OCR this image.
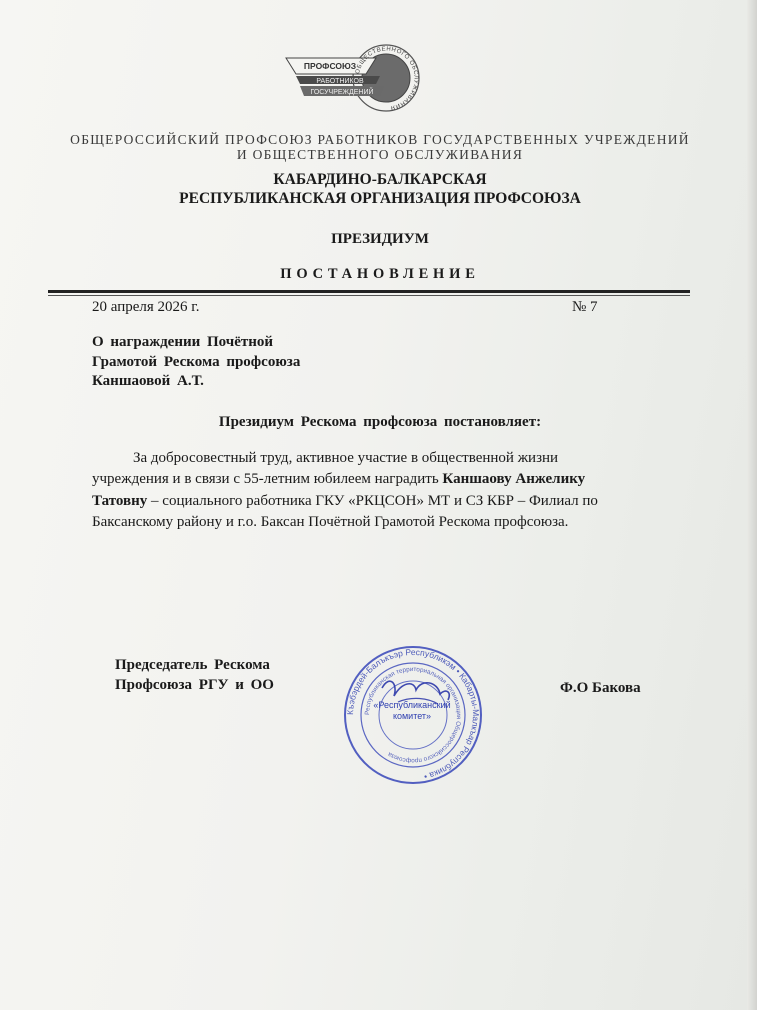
ПРОФСОЮЗ
РАБОТНИКОВ
ГОСУЧРЕЖДЕНИЙ
ОБЩЕСТВЕННОГО ОБСЛУЖИВАНИЯ
ОБЩЕРОССИЙСКИЙ ПРОФСОЮЗ РАБОТНИКОВ ГОСУДАРСТВЕННЫХ УЧРЕЖДЕНИЙ
И ОБЩЕСТВЕННОГО ОБСЛУЖИВАНИЯ
КАБАРДИНО-БАЛКАРСКАЯ
РЕСПУБЛИКАНСКАЯ ОРГАНИЗАЦИЯ ПРОФСОЮЗА
ПРЕЗИДИУМ
ПОСТАНОВЛЕНИЕ
20 апреля 2026 г.	№ 7
О награждении Почётной
Грамотой Рескома профсоюза
Каншаовой А.Т.
Президиум Рескома профсоюза постановляет:
За добросовестный труд, активное участие в общественной жизни
учреждения и в связи с 55-летним юбилеем наградить Каншаову Анжелику
Татовну – социального работника ГКУ «РКЦСОН» МТ и СЗ КБР – Филиал по
Баксанскому району и г.о. Баксан Почётной Грамотой Рескома профсоюза.
Председатель Рескома
Профсоюза РГУ и ОО	Ф.О Бакова
Къэбэрдей-Балъкъэр Республикэм • Кабарты-Малкъар Республика •
Республиканская территориальная организация Общероссийского профсоюза
«Республиканский
комитет»
